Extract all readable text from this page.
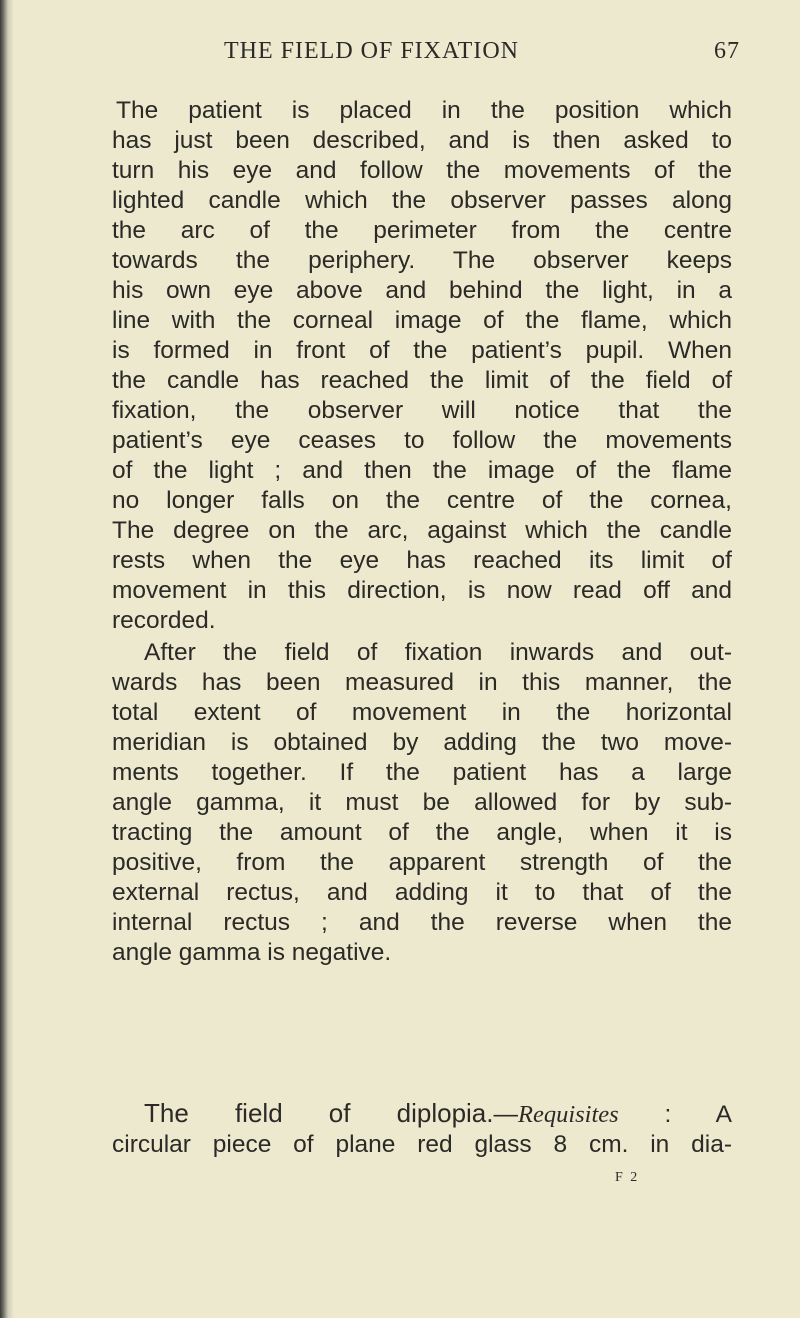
THE FIELD OF FIXATION	67
The patient is placed in the position which
has just been described, and is then asked to
turn his eye and follow the movements of the
lighted candle which the observer passes along
the arc of the perimeter from the centre
towards the periphery. The observer keeps
his own eye above and behind the light, in a
line with the corneal image of the flame, which
is formed in front of the patient’s pupil. When
the candle has reached the limit of the field of
fixation, the observer will notice that the
patient’s eye ceases to follow the movements
of the light ; and then the image of the flame
no longer falls on the centre of the cornea,
The degree on the arc, against which the candle
rests when the eye has reached its limit of
movement in this direction, is now read off and
recorded.
After the field of fixation inwards and out-
wards has been measured in this manner, the
total extent of movement in the horizontal
meridian is obtained by adding the two move-
ments together. If the patient has a large
angle gamma, it must be allowed for by sub-
tracting the amount of the angle, when it is
positive, from the apparent strength of the
external rectus, and adding it to that of the
internal rectus ; and the reverse when the
angle gamma is negative.
The field of diplopia.—Requisites : A
circular piece of plane red glass 8 cm. in dia-
F 2
